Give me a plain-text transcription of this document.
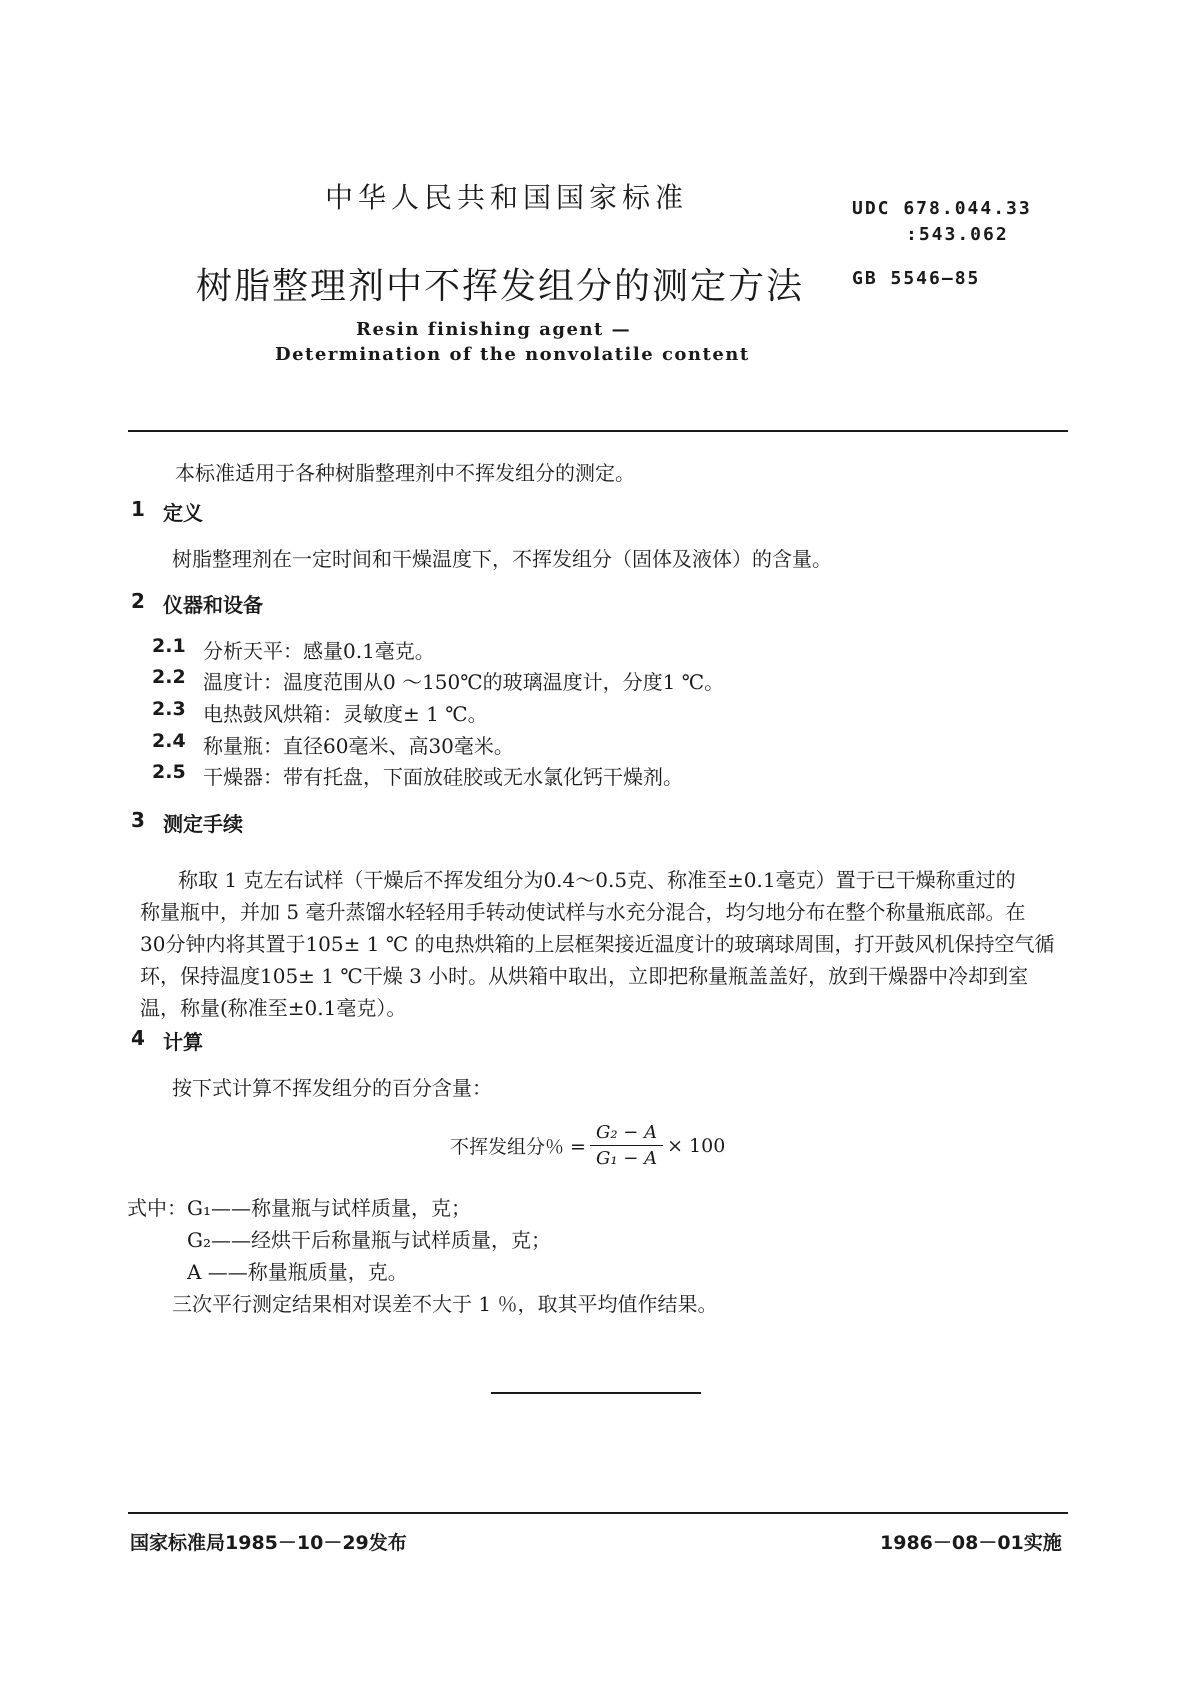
中华人民共和国国家标准	UDC 678.044.33
:543.062
树脂整理剂中不挥发组分的测定方法	GB 5546—85
Resin finishing agent —
Determination of the nonvolatile content
本标准适用于各种树脂整理剂中不挥发组分的测定。
1 定义
树脂整理剂在一定时间和干燥温度下，不挥发组分（固体及液体）的含量。
2 仪器和设备
2.1 分析天平：感量0.1毫克。
2.2 温度计：温度范围从0 ～150℃的玻璃温度计，分度1 ℃。
2.3 电热鼓风烘箱：灵敏度± 1 ℃。
2.4 称量瓶：直径60毫米、高30毫米。
2.5 干燥器：带有托盘，下面放硅胶或无水氯化钙干燥剂。
3 测定手续
称取 1 克左右试样（干燥后不挥发组分为0.4～0.5克、称准至±0.1毫克）置于已干燥称重过的
称量瓶中，并加 5 毫升蒸馏水轻轻用手转动使试样与水充分混合，均匀地分布在整个称量瓶底部。在
30分钟内将其置于105± 1 ℃ 的电热烘箱的上层框架接近温度计的玻璃球周围，打开鼓风机保持空气循
环，保持温度105± 1 ℃干燥 3 小时。从烘箱中取出，立即把称量瓶盖盖好，放到干燥器中冷却到室
温，称量(称准至±0.1毫克）。
4 计算
按下式计算不挥发组分的百分含量：
不挥发组分％ = $\frac{\text{G₂ − A}}{\text{G₁ − A}} \times 100$
式中：G₁——称量瓶与试样质量，克；
G₂——经烘干后称量瓶与试样质量，克；
A ——称量瓶质量，克。
三次平行测定结果相对误差不大于 1 ％，取其平均值作结果。
国家标准局1985－10－29发布	1986－08－01实施
